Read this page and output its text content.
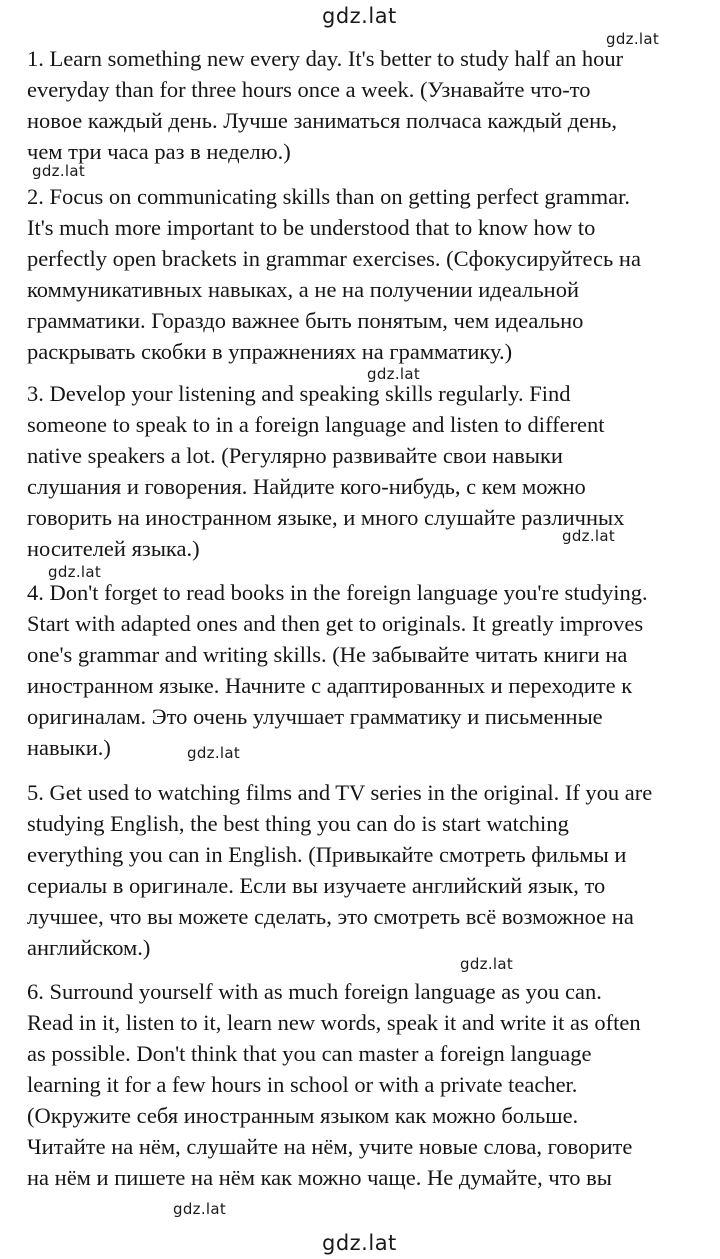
gdz.lat
gdz.lat
gdz.lat
gdz.lat
gdz.lat
gdz.lat
gdz.lat
gdz.lat
gdz.lat
gdz.lat
1. Learn something new every day. It's better to study half an hour
everyday than for three hours once a week. (Узнавайте что-то
новое каждый день. Лучше заниматься полчаса каждый день,
чем три часа раз в неделю.)
2. Focus on communicating skills than on getting perfect grammar.
It's much more important to be understood that to know how to
perfectly open brackets in grammar exercises. (Сфокусируйтесь на
коммуникативных навыках, а не на получении идеальной
грамматики. Гораздо важнее быть понятым, чем идеально
раскрывать скобки в упражнениях на грамматику.)
3. Develop your listening and speaking skills regularly. Find
someone to speak to in a foreign language and listen to different
native speakers a lot. (Регулярно развивайте свои навыки
слушания и говорения. Найдите кого-нибудь, с кем можно
говорить на иностранном языке, и много слушайте различных
носителей языка.)
4. Don't forget to read books in the foreign language you're studying.
Start with adapted ones and then get to originals. It greatly improves
one's grammar and writing skills. (Не забывайте читать книги на
иностранном языке. Начните с адаптированных и переходите к
оригиналам. Это очень улучшает грамматику и письменные
навыки.)
5. Get used to watching films and TV series in the original. If you are
studying English, the best thing you can do is start watching
everything you can in English. (Привыкайте смотреть фильмы и
сериалы в оригинале. Если вы изучаете английский язык, то
лучшее, что вы можете сделать, это смотреть всё возможное на
английском.)
6. Surround yourself with as much foreign language as you can.
Read in it, listen to it, learn new words, speak it and write it as often
as possible. Don't think that you can master a foreign language
learning it for a few hours in school or with a private teacher.
(Окружите себя иностранным языком как можно больше.
Читайте на нём, слушайте на нём, учите новые слова, говорите
на нём и пишете на нём как можно чаще. Не думайте, что вы
